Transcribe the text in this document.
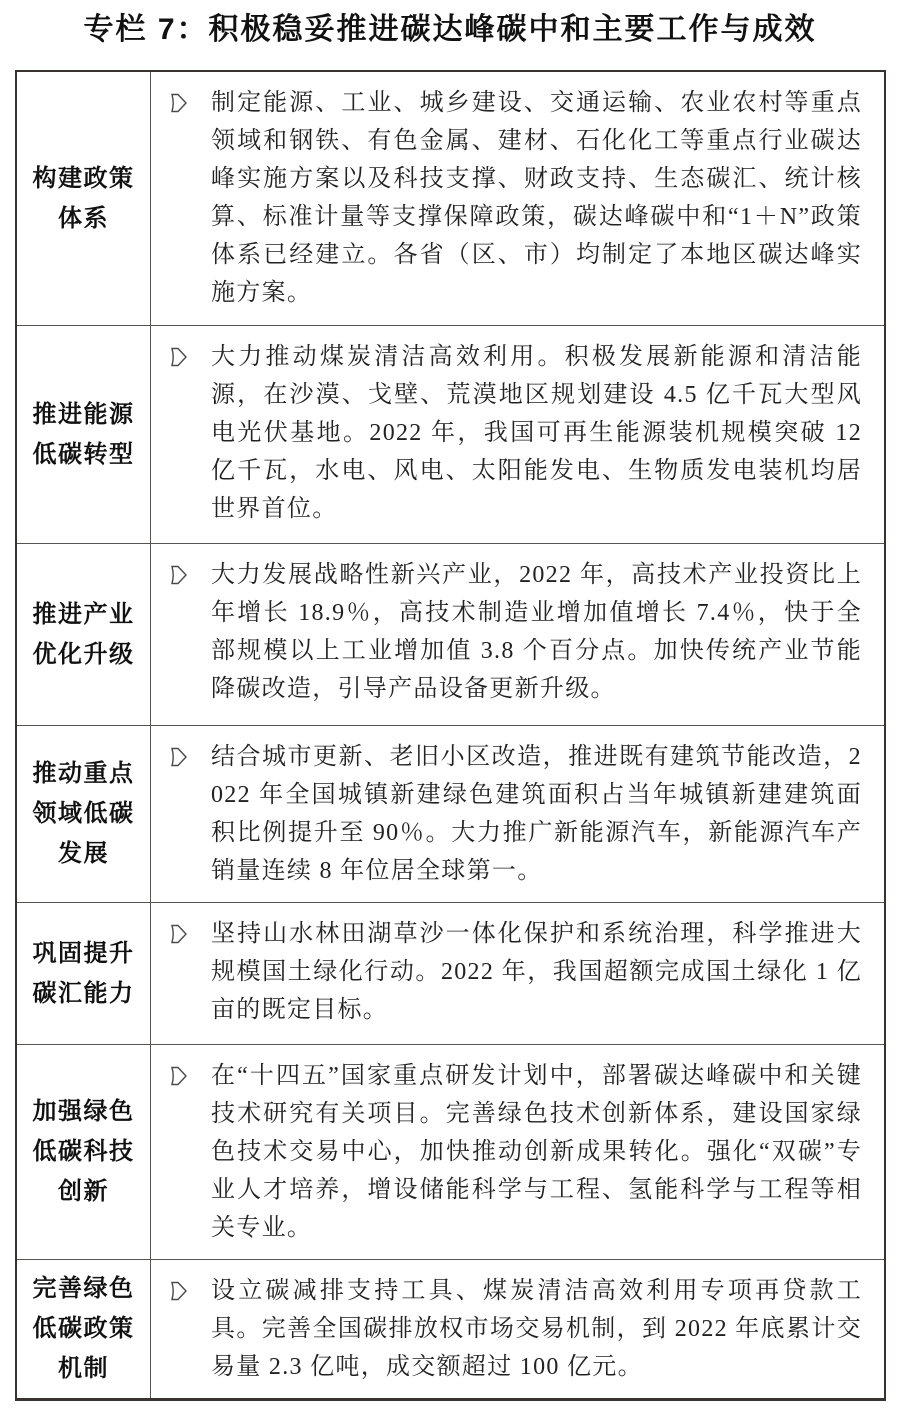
专栏 7：积极稳妥推进碳达峰碳中和主要工作与成效
构建政策体系

制定能源、工业、城乡建设、交通运输、农业农村等重点领域和钢铁、有色金属、建材、石化化工等重点行业碳达峰实施方案以及科技支撑、财政支持、生态碳汇、统计核算、标准计量等支撑保障政策，碳达峰碳中和“1＋N”政策体系已经建立。各省（区、市）均制定了本地区碳达峰实施方案。

推进能源低碳转型

大力推动煤炭清洁高效利用。积极发展新能源和清洁能源，在沙漠、戈壁、荒漠地区规划建设 4.5 亿千瓦大型风电光伏基地。2022 年，我国可再生能源装机规模突破 12 亿千瓦，水电、风电、太阳能发电、生物质发电装机均居世界首位。

推进产业优化升级

大力发展战略性新兴产业，2022 年，高技术产业投资比上年增长 18.9％，高技术制造业增加值增长 7.4％，快于全部规模以上工业增加值 3.8 个百分点。加快传统产业节能降碳改造，引导产品设备更新升级。

推动重点领域低碳发展

结合城市更新、老旧小区改造，推进既有建筑节能改造，2022 年全国城镇新建绿色建筑面积占当年城镇新建建筑面积比例提升至 90％。大力推广新能源汽车，新能源汽车产销量连续 8 年位居全球第一。

巩固提升碳汇能力

坚持山水林田湖草沙一体化保护和系统治理，科学推进大规模国土绿化行动。2022 年，我国超额完成国土绿化 1 亿亩的既定目标。

加强绿色低碳科技创新

在“十四五”国家重点研发计划中，部署碳达峰碳中和关键技术研究有关项目。完善绿色技术创新体系，建设国家绿色技术交易中心，加快推动创新成果转化。强化“双碳”专业人才培养，增设储能科学与工程、氢能科学与工程等相关专业。

完善绿色低碳政策机制

设立碳减排支持工具、煤炭清洁高效利用专项再贷款工具。完善全国碳排放权市场交易机制，到 2022 年底累计交易量 2.3 亿吨，成交额超过 100 亿元。
